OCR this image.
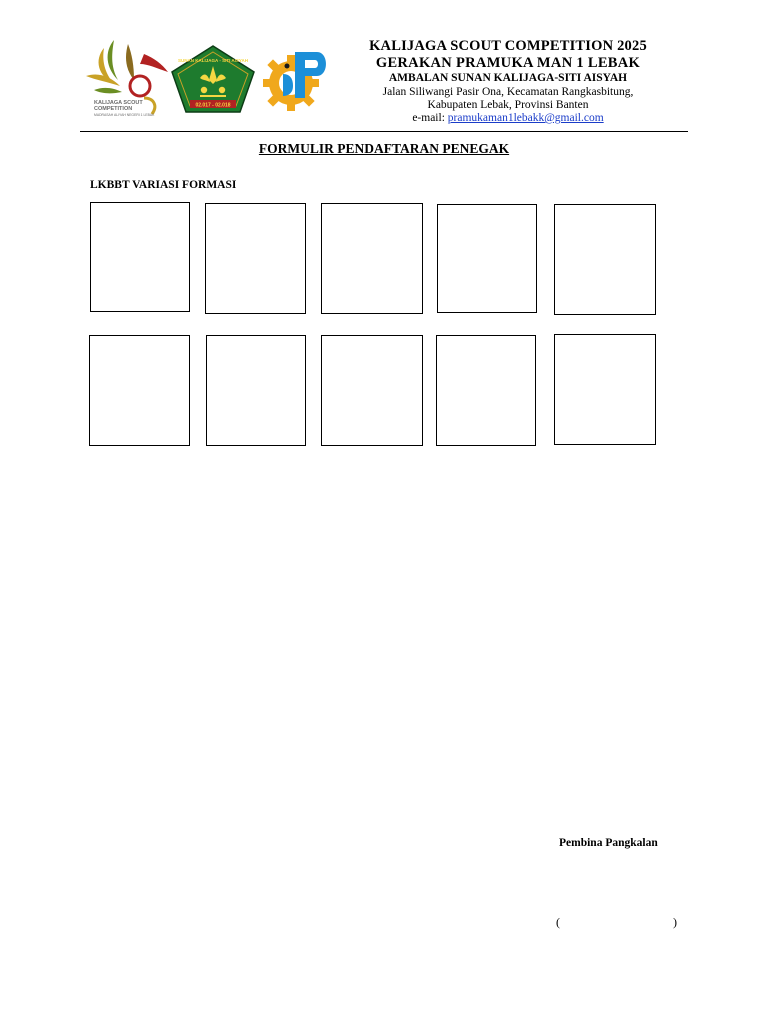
KALIJAGA SCOUT
COMPETITION
MADRASAH ALIYAH NEGERI 1 LEBAK
SUNAN KALIJAGA - SITI AISYAH
02.017 - 02.018
KALIJAGA SCOUT COMPETITION 2025
GERAKAN PRAMUKA MAN 1 LEBAK
AMBALAN SUNAN KALIJAGA-SITI AISYAH
Jalan Siliwangi Pasir Ona, Kecamatan Rangkasbitung,
Kabupaten Lebak, Provinsi Banten
e-mail: pramukaman1lebakk@gmail.com
FORMULIR PENDAFTARAN PENEGAK
LKBBT VARIASI FORMASI
Pembina Pangkalan
(	)
